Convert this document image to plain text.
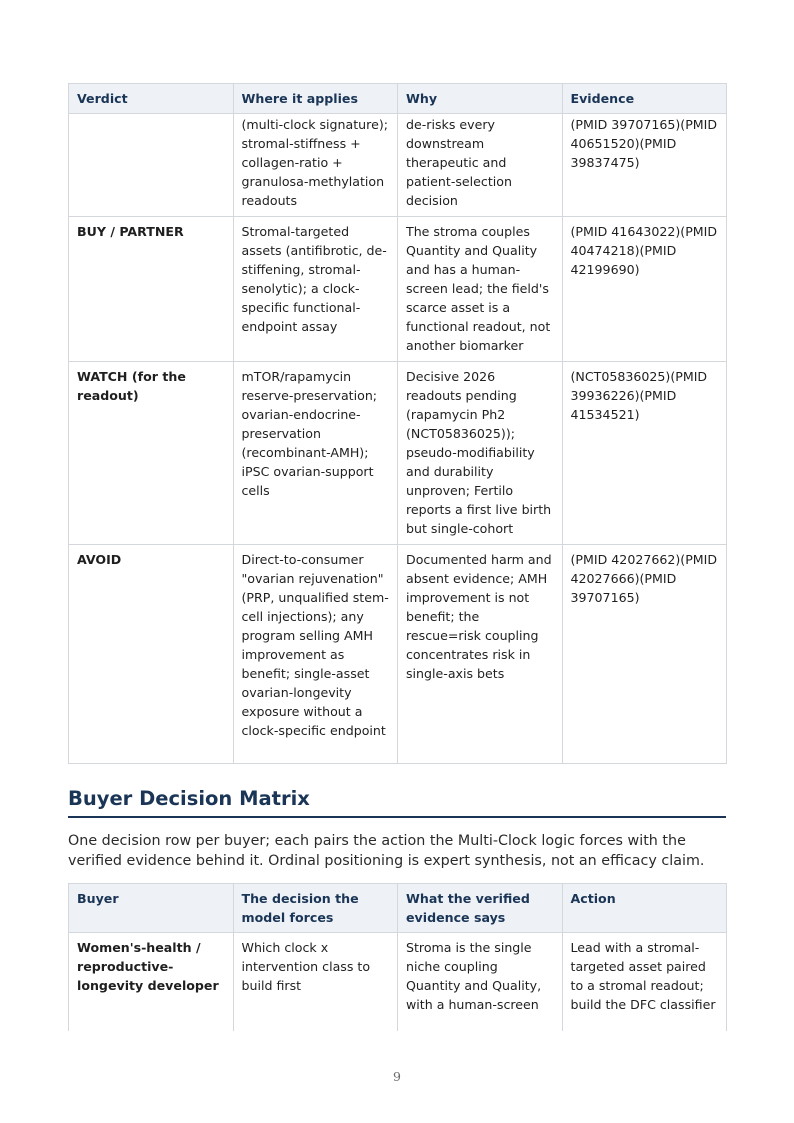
Verdict	Where it applies	Why	Evidence
	(multi-clock signature); stromal-stiffness + collagen-ratio + granulosa-methylation readouts	de-risks every downstream therapeutic and patient-selection decision	(PMID 39707165)(PMID 40651520)(PMID 39837475)
BUY / PARTNER	Stromal-targeted assets (antifibrotic, de-stiffening, stromal-senolytic); a clock-specific functional-endpoint assay	The stroma couples Quantity and Quality and has a human-screen lead; the field's scarce asset is a functional readout, not another biomarker	(PMID 41643022)(PMID 40474218)(PMID 42199690)
WATCH (for the readout)	mTOR/rapamycin reserve-preservation; ovarian-endocrine-preservation (recombinant-AMH); iPSC ovarian-support cells	Decisive 2026 readouts pending (rapamycin Ph2 (NCT05836025)); pseudo-modifiability and durability unproven; Fertilo reports a first live birth but single-cohort	(NCT05836025)(PMID 39936226)(PMID 41534521)
AVOID	Direct-to-consumer "ovarian rejuvenation" (PRP, unqualified stem-cell injections); any program selling AMH improvement as benefit; single-asset ovarian-longevity exposure without a clock-specific endpoint	Documented harm and absent evidence; AMH improvement is not benefit; the rescue=risk coupling concentrates risk in single-axis bets	(PMID 42027662)(PMID 42027666)(PMID 39707165)
Buyer Decision Matrix

One decision row per buyer; each pairs the action the Multi-Clock logic forces with the verified evidence behind it. Ordinal positioning is expert synthesis, not an efficacy claim.

Buyer	The decision the model forces	What the verified evidence says	Action
Women's-health / reproductive-longevity developer	Which clock x intervention class to build first	Stroma is the single niche coupling Quantity and Quality, with a human-screen	Lead with a stromal-targeted asset paired to a stromal readout; build the DFC classifier
9
